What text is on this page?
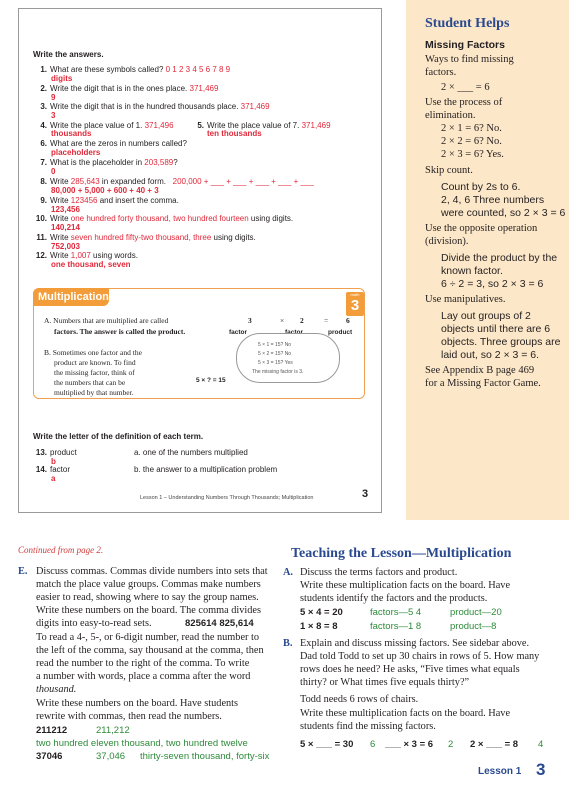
Write the answers.
1. What are these symbols called? 0 1 2 3 4 5 6 7 8 9
digits
2. Write the digit that is in the ones place. 371,469
9
3. Write the digit that is in the hundred thousands place. 371,469
3
4. Write the place value of 1. 371,496
thousands
5. Write the place value of 7. 371,469
ten thousands
6. What are the zeros in numbers called?
placeholders
7. What is the placeholder in 203,589?
0
8. Write 285,643 in expanded form. 200,000 + ___ + ___ + ___ + ___ + ___
80,000 + 5,000 + 600 + 40 + 3
9. Write 123456 and insert the comma.
123,456
10. Write one hundred forty thousand, two hundred fourteen using digits.
140,214
11. Write seven hundred fifty-two thousand, three using digits.
752,003
12. Write 1,007 using words.
one thousand, seven
Multiplication	math
3
A. Numbers that are multiplied are called
factors. The answer is called the product.
3	× 2	= 6
factor	product
B. Sometimes one factor and the
product are known. To find
the missing factor, think of
the numbers that can be
multiplied by that number.
5 × ? = 15
5 × 1 = 15? No
5 × 2 = 15? No
5 × 3 = 15? Yes
The missing factor is 3.
Write the letter of the definition of each term.
13. product
b
a. one of the numbers multiplied
14. factor
a
b. the answer to a multiplication problem
Lesson 1 – Understanding Numbers Through Thousands; Multiplication	3
Student Helps
Missing Factors
Ways to find missing
factors.
2 × ___ = 6
Use the process of
elimination.
2 × 1 = 6? No.
2 × 2 = 6? No.
2 × 3 = 6? Yes.
Skip count.
Count by 2s to 6.
2, 4, 6 Three numbers
were counted, so 2 × 3 = 6
Use the opposite operation
(division).
Divide the product by the
known factor.
6 ÷ 2 = 3, so 2 × 3 = 6
Use manipulatives.
Lay out groups of 2
objects until there are 6
objects. Three groups are
laid out, so 2 × 3 = 6.
See Appendix B page 469
for a Missing Factor Game.
Continued from page 2.
E. Discuss commas. Commas divide numbers into sets that
match the place value groups. Commas make numbers
easier to read, showing where to say the group names.
Write these numbers on the board. The comma divides
digits into easy-to-read sets.	825614 825,614
To read a 4-, 5-, or 6-digit number, read the number to
the left of the comma, say thousand at the comma, then
read the number to the right of the comma. To write
a number with words, place a comma after the word
thousand.
Write these numbers on the board. Have students
rewrite with commas, then read the numbers.
211212	211,212
two hundred eleven thousand, two hundred twelve
37046	37,046 thirty-seven thousand, forty-six
Teaching the Lesson—Multiplication
A. Discuss the terms factors and product.
Write these multiplication facts on the board. Have
students identify the factors and the products.
5 × 4 = 20	factors—5 4	product—20
1 × 8 = 8	factors—1 8	product—8
B. Explain and discuss missing factors. See sidebar above.
Dad told Todd to set up 30 chairs in rows of 5. How many
rows does he need? He asks, “Five times what equals
thirty? or What times five equals thirty?”
Todd needs 6 rows of chairs.
Write these multiplication facts on the board. Have
students find the missing factors.
5 × ___ = 30 6 ___ × 3 = 6 2 2 × ___ = 8 4
Lesson 1 3
